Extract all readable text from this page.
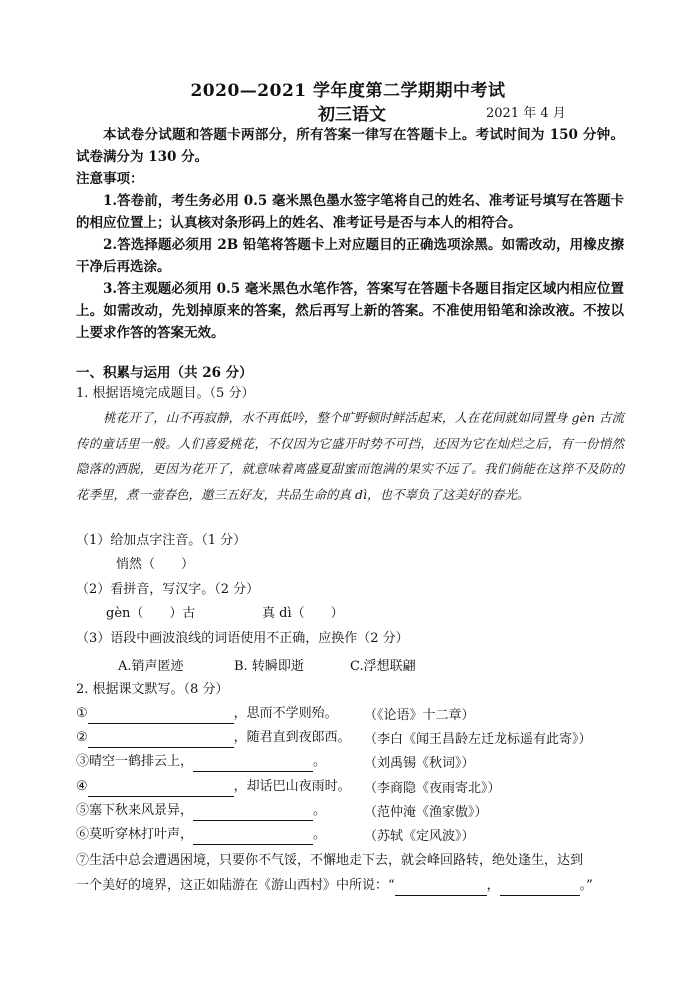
2020—2021 学年度第二学期期中考试
初三语文	2021 年 4 月
本试卷分试题和答题卡两部分，所有答案一律写在答题卡上。考试时间为 150 分钟。试卷满分为 130 分。
注意事项：
1.答卷前，考生务必用 0.5 毫米黑色墨水签字笔将自己的姓名、准考证号填写在答题卡的相应位置上；认真核对条形码上的姓名、准考证号是否与本人的相符合。
2.答选择题必须用 2B 铅笔将答题卡上对应题目的正确选项涂黑。如需改动，用橡皮擦干净后再选涂。
3.答主观题必须用 0.5 毫米黑色水笔作答，答案写在答题卡各题目指定区域内相应位置上。如需改动，先划掉原来的答案，然后再写上新的答案。不准使用铅笔和涂改液。不按以上要求作答的答案无效。
一、积累与运用（共 26 分）
1. 根据语境完成题目。（5 分）
桃花开了，山不再寂静，水不再低吟，整个旷野顿时鲜活起来，人在花间就如同置身 gèn 古流传的童话里一般。人们喜爱桃花，不仅因为它盛开时势不可挡，还因为它在灿烂之后，有一份悄然隐落的洒脱，更因为花开了，就意味着离盛夏甜蜜而饱满的果实不远了。我们倘能在这猝不及防的花季里，煮一壶春色，邀三五好友，共品生命的真 dì，也不辜负了这美好的春光。
（1）给加点字注音。（1 分）
悄然（　　）
（2）看拼音，写汉字。（2 分）
gèn（　　）古	真 dì（　　）
（3）语段中画波浪线的词语使用不正确，应换作（2 分）
A.销声匿迹	B. 转瞬即逝	C.浮想联翩
2. 根据课文默写。（8 分）
①	，思而不学则殆。 （《论语》十二章）
②	，随君直到夜郎西。 （李白《闻王昌龄左迁龙标遥有此寄》）
③晴空一鹤排云上，	。	（刘禹锡《秋词》）
④	，却话巴山夜雨时。 （李商隐《夜雨寄北》）
⑤塞下秋来风景异，	。	（范仲淹《渔家傲》）
⑥莫听穿林打叶声，	。	（苏轼《定风波》）
⑦生活中总会遭遇困境，只要你不气馁，不懈地走下去，就会峰回路转，绝处逢生，达到
一个美好的境界，这正如陆游在《游山西村》中所说：“	，	。”
